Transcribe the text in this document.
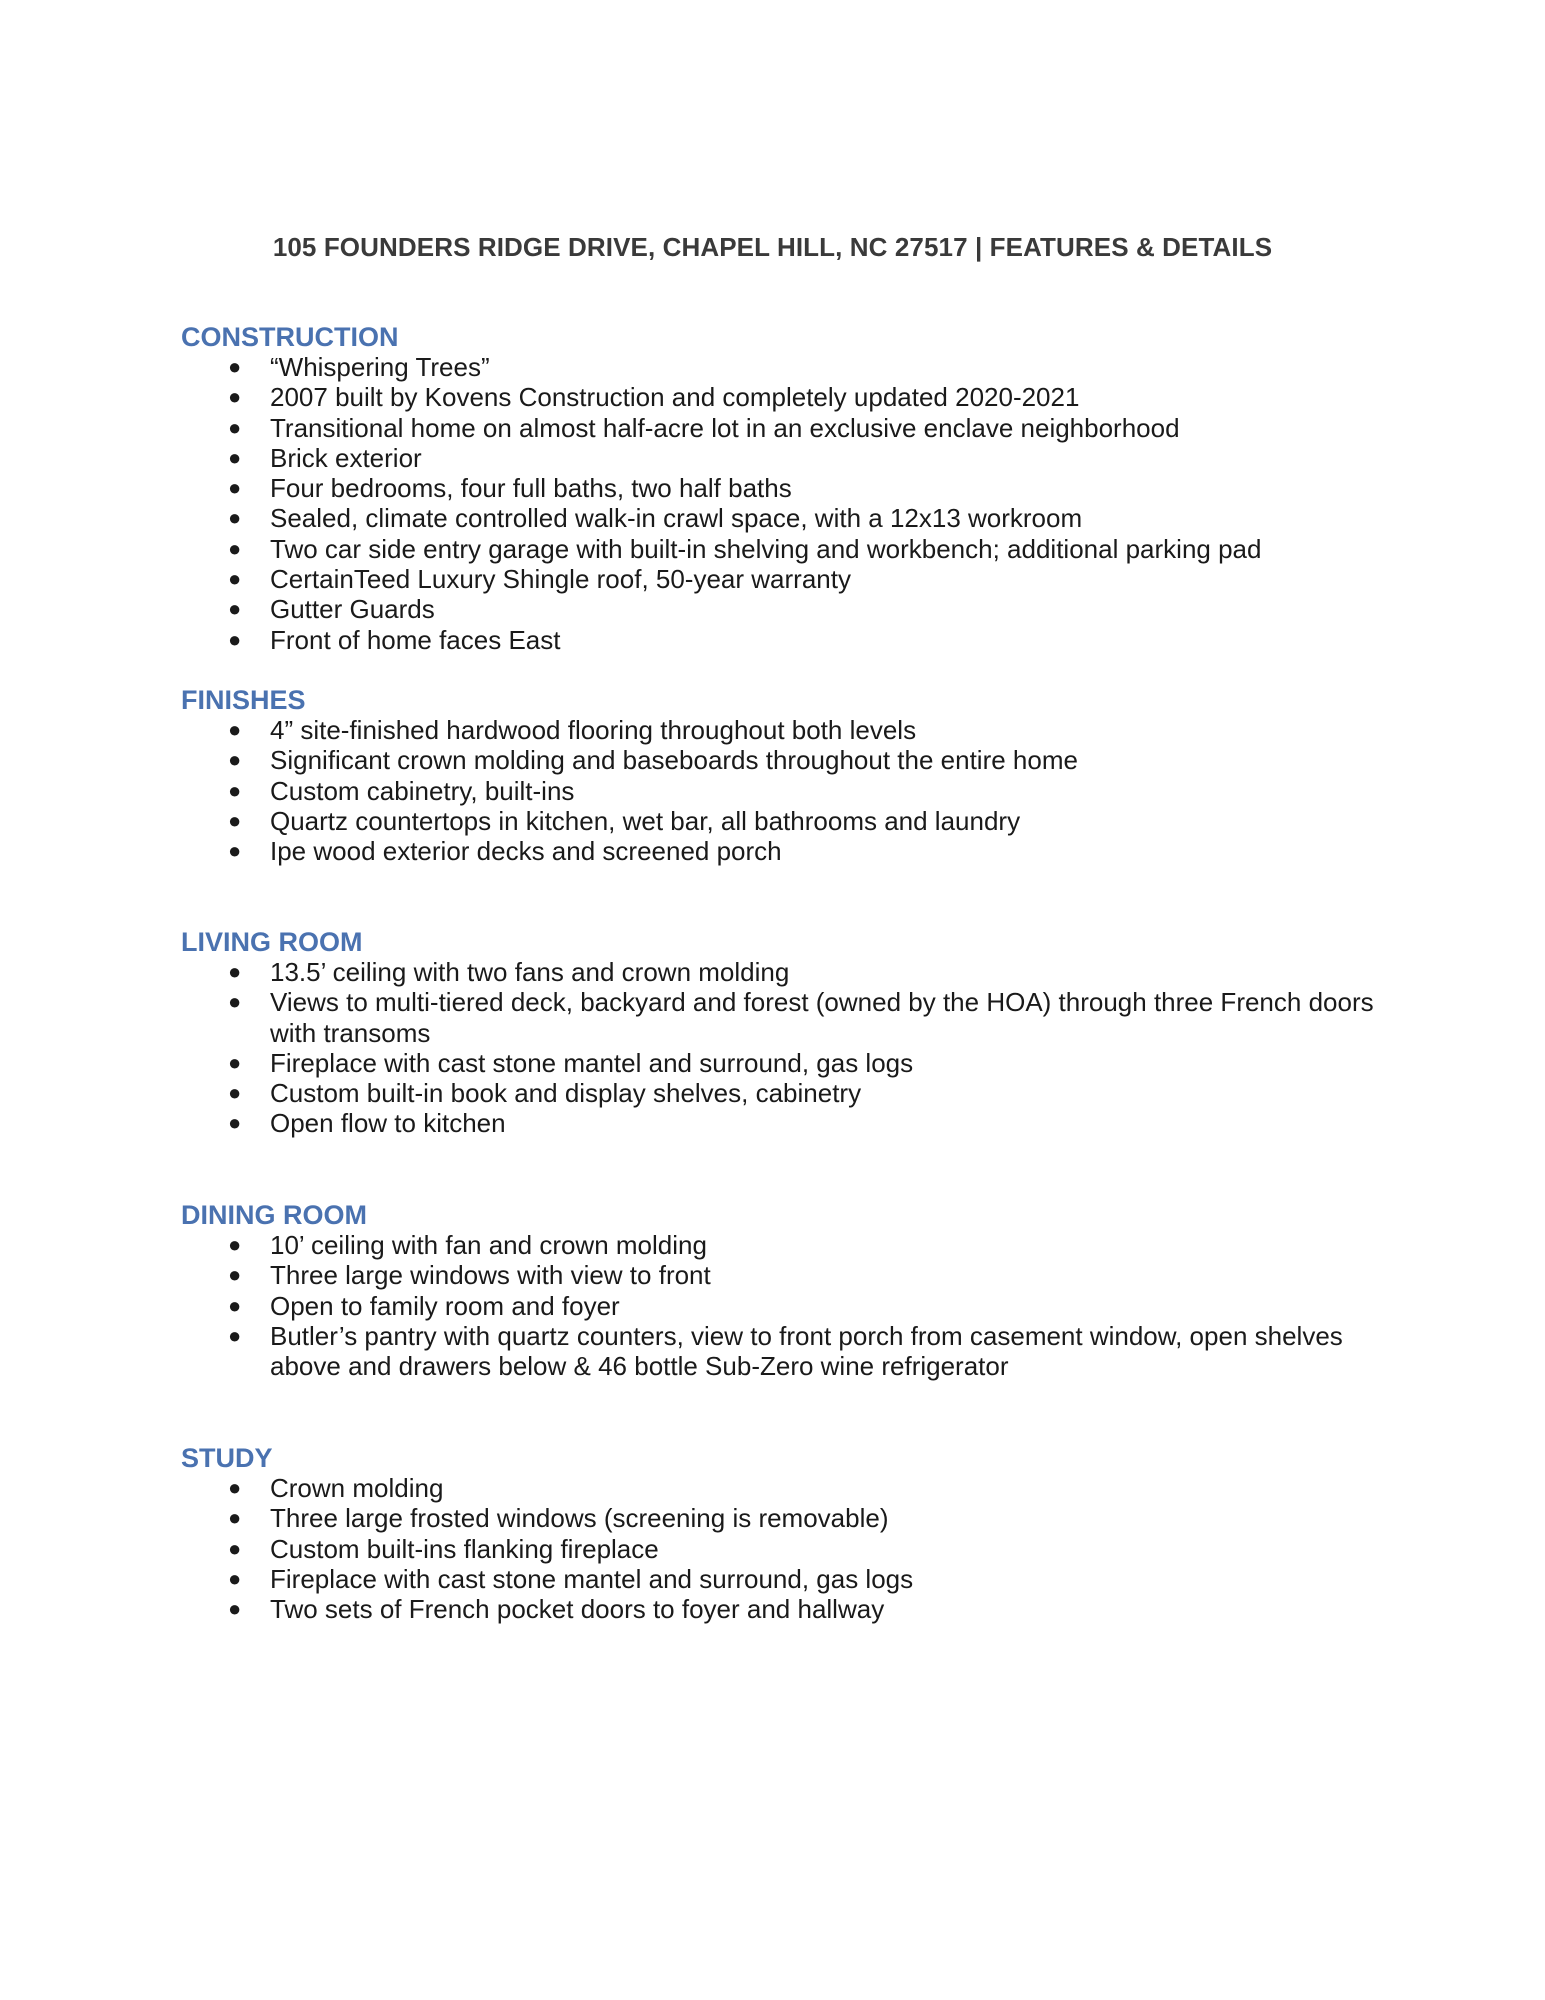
105 FOUNDERS RIDGE DRIVE, CHAPEL HILL, NC 27517 | FEATURES & DETAILS
CONSTRUCTION
● “Whispering Trees”
● 2007 built by Kovens Construction and completely updated 2020-2021
● Transitional home on almost half-acre lot in an exclusive enclave neighborhood
● Brick exterior
● Four bedrooms, four full baths, two half baths
● Sealed, climate controlled walk-in crawl space, with a 12x13 workroom
● Two car side entry garage with built-in shelving and workbench; additional parking pad
● CertainTeed Luxury Shingle roof, 50-year warranty
● Gutter Guards
● Front of home faces East
FINISHES
● 4” site-finished hardwood flooring throughout both levels
● Significant crown molding and baseboards throughout the entire home
● Custom cabinetry, built-ins
● Quartz countertops in kitchen, wet bar, all bathrooms and laundry
● Ipe wood exterior decks and screened porch
LIVING ROOM
● 13.5’ ceiling with two fans and crown molding
● Views to multi-tiered deck, backyard and forest (owned by the HOA) through three French doors with transoms
● Fireplace with cast stone mantel and surround, gas logs
● Custom built-in book and display shelves, cabinetry
● Open flow to kitchen
DINING ROOM
● 10’ ceiling with fan and crown molding
● Three large windows with view to front
● Open to family room and foyer
● Butler’s pantry with quartz counters, view to front porch from casement window, open shelves above and drawers below & 46 bottle Sub-Zero wine refrigerator
STUDY
● Crown molding
● Three large frosted windows (screening is removable)
● Custom built-ins flanking fireplace
● Fireplace with cast stone mantel and surround, gas logs
● Two sets of French pocket doors to foyer and hallway
